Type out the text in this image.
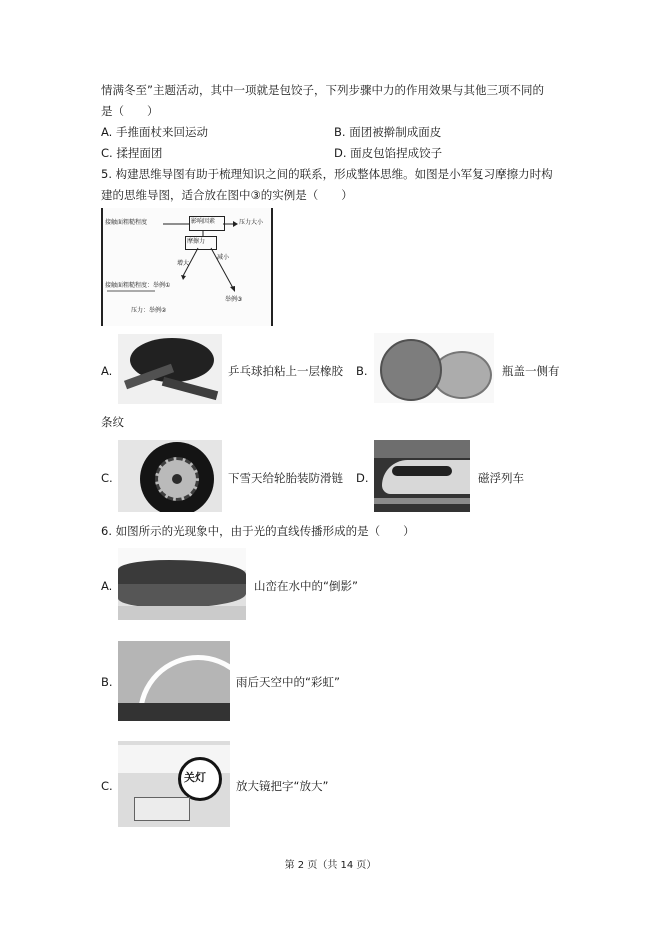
情满冬至”主题活动，其中一项就是包饺子，下列步骤中力的作用效果与其他三项不同的
是（　　）
A. 手推面杖来回运动	B. 面团被擀制成面皮
C. 揉捏面团	D. 面皮包馅捏成饺子
5. 构建思维导图有助于梳理知识之间的联系，形成整体思维。如图是小军复习摩擦力时构
建的思维导图，适合放在图中③的实例是（　　）
接触面粗糙程度	影响因素	压力大小
摩擦力
增大
减小
接触面粗糙程度：举例①
压力：举例②
举例③
A.	乒乓球拍粘上一层橡胶 B.	瓶盖一侧有
条纹
C.	下雪天给轮胎装防滑链 D.	磁浮列车
6. 如图所示的光现象中，由于光的直线传播形成的是（　　）
A.	山峦在水中的“倒影”
B.	雨后天空中的“彩虹”
C.
关灯
放大镜把字“放大”
第 2 页（共 14 页）
